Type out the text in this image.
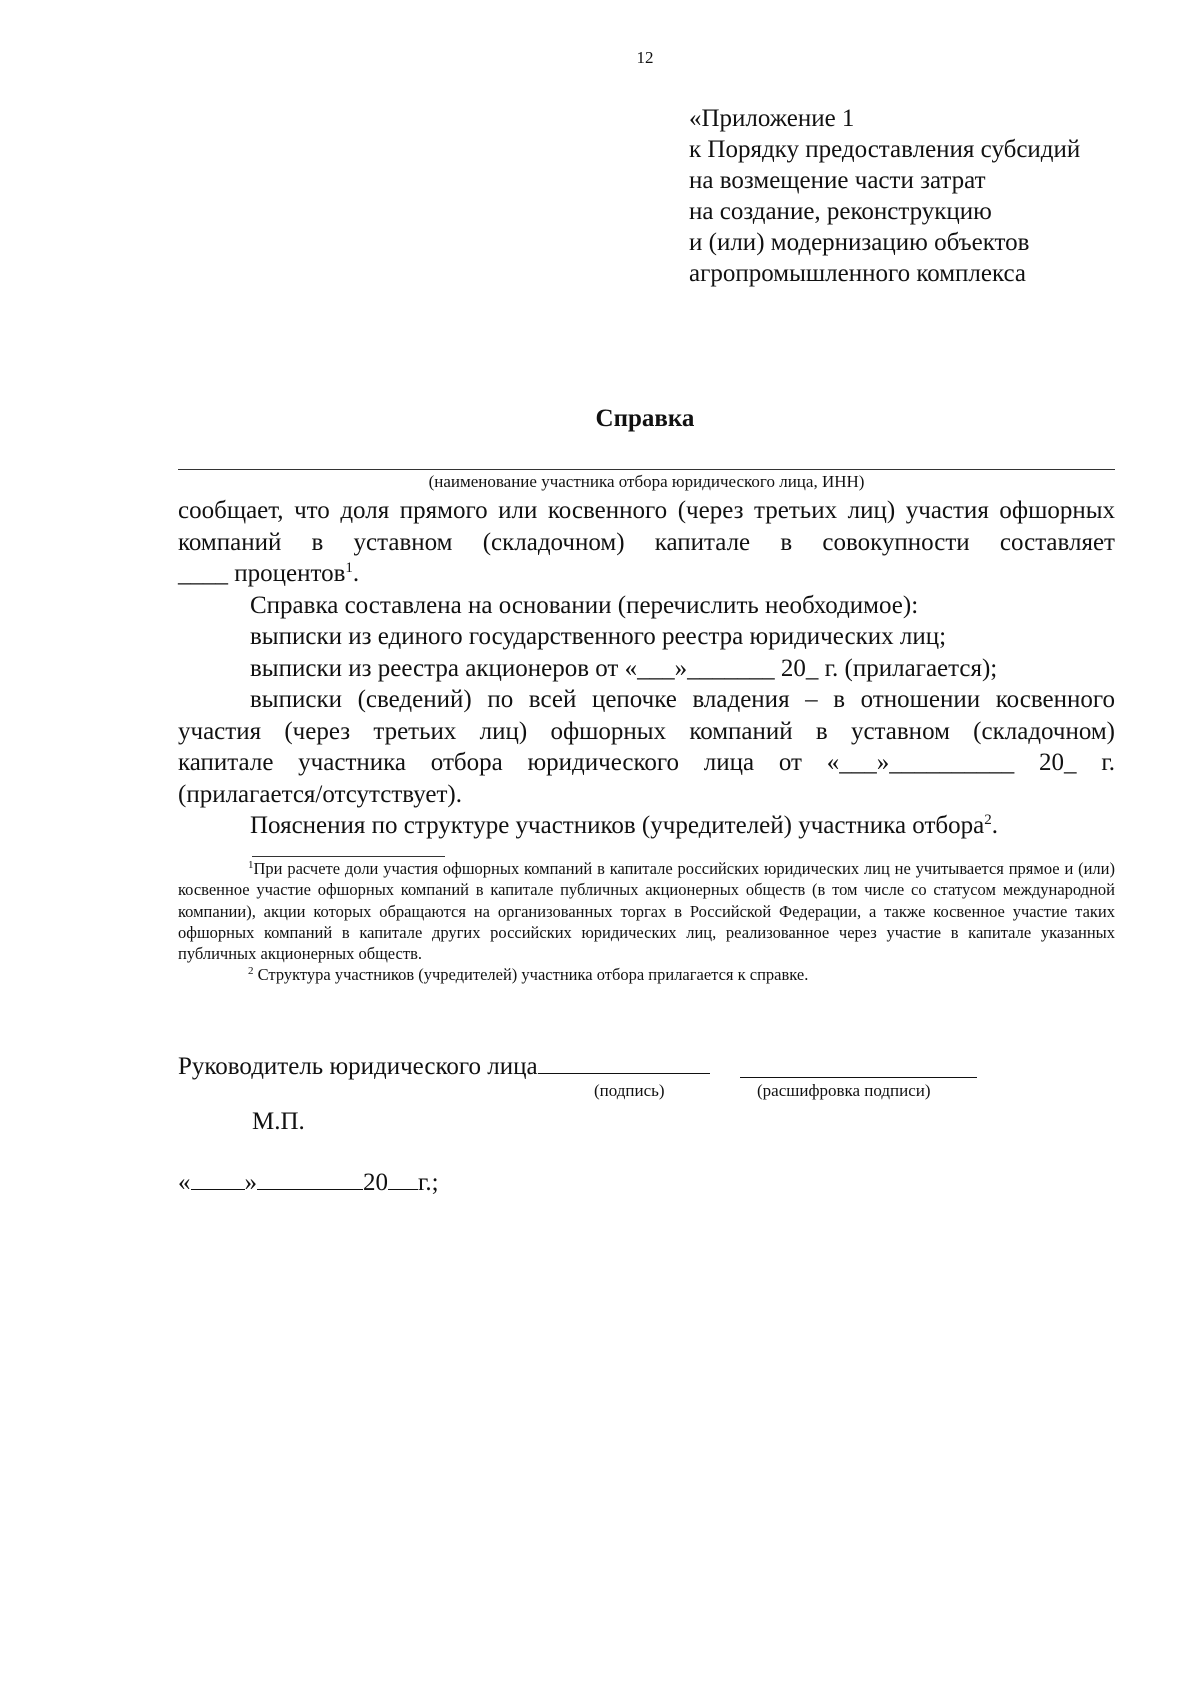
12
«Приложение 1
к Порядку предоставления субсидий
на возмещение части затрат
на создание, реконструкцию
и (или) модернизацию объектов
агропромышленного комплекса
Справка
(наименование участника отбора юридического лица, ИНН)

сообщает, что доля прямого или косвенного (через третьих лиц) участия офшорных

компаний в уставном (складочном) капитале в совокупности составляет

____ процентов$^1$.

Справка составлена на основании (перечислить необходимое):

выписки из единого государственного реестра юридических лиц;

выписки из реестра акционеров от «___»_______ 20_ г. (прилагается);

выписки (сведений) по всей цепочке владения – в отношении косвенного

участия (через третьих лиц) офшорных компаний в уставном (складочном)

капитале участника отбора юридического лица от «___»__________ 20_ г.

(прилагается/отсутствует).

Пояснения по структуре участников (учредителей) участника отбора$^2$.

$^1$При расчете доли участия офшорных компаний в капитале российских юридических лиц не учитывается прямое и (или) косвенное участие офшорных компаний в капитале публичных акционерных обществ (в том числе со статусом международной компании), акции которых обращаются на организованных торгах в Российской Федерации, а также косвенное участие таких офшорных компаний в капитале других российских юридических лиц, реализованное через участие в капитале указанных публичных акционерных обществ.

$^2$ Структура участников (учредителей) участника отбора прилагается к справке.

Руководитель юридического лица
(подпись)	(расшифровка подписи)
М.П.
« »	20 г.;
